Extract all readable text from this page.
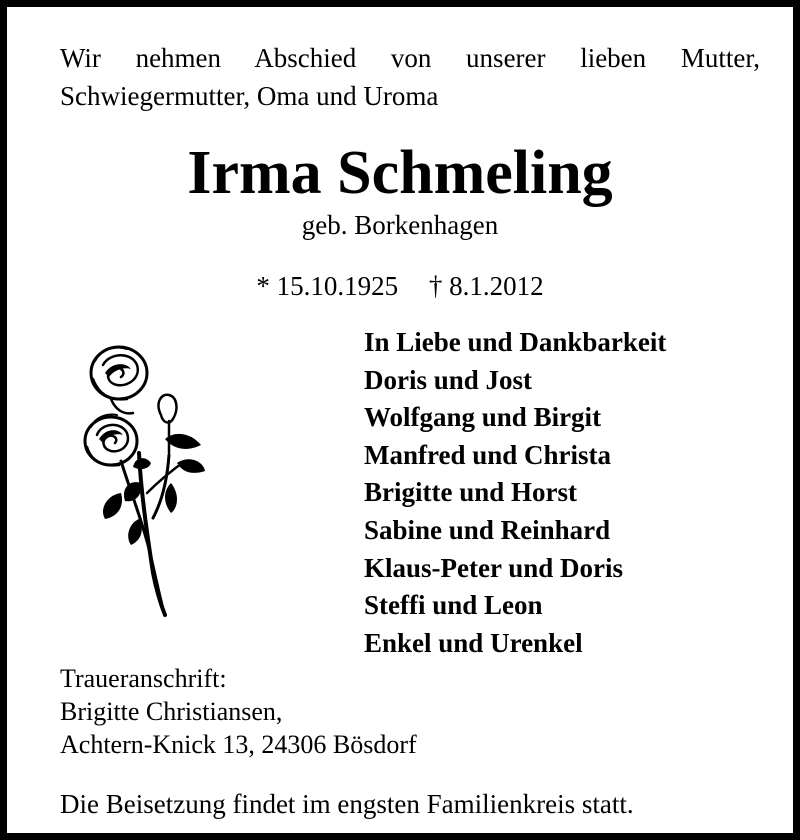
Wir nehmen Abschied von unserer lieben Mutter,
Schwiegermutter, Oma und Uroma

Irma Schmeling
geb. Borkenhagen
* 15.10.1925 † 8.1.2012
In Liebe und Dankbarkeit
Doris und Jost
Wolfgang und Birgit
Manfred und Christa
Brigitte und Horst
Sabine und Reinhard
Klaus-Peter und Doris
Steffi und Leon
Enkel und Urenkel

Traueranschrift:
Brigitte Christiansen,
Achtern-Knick 13, 24306 Bösdorf

Die Beisetzung findet im engsten Familienkreis statt.
